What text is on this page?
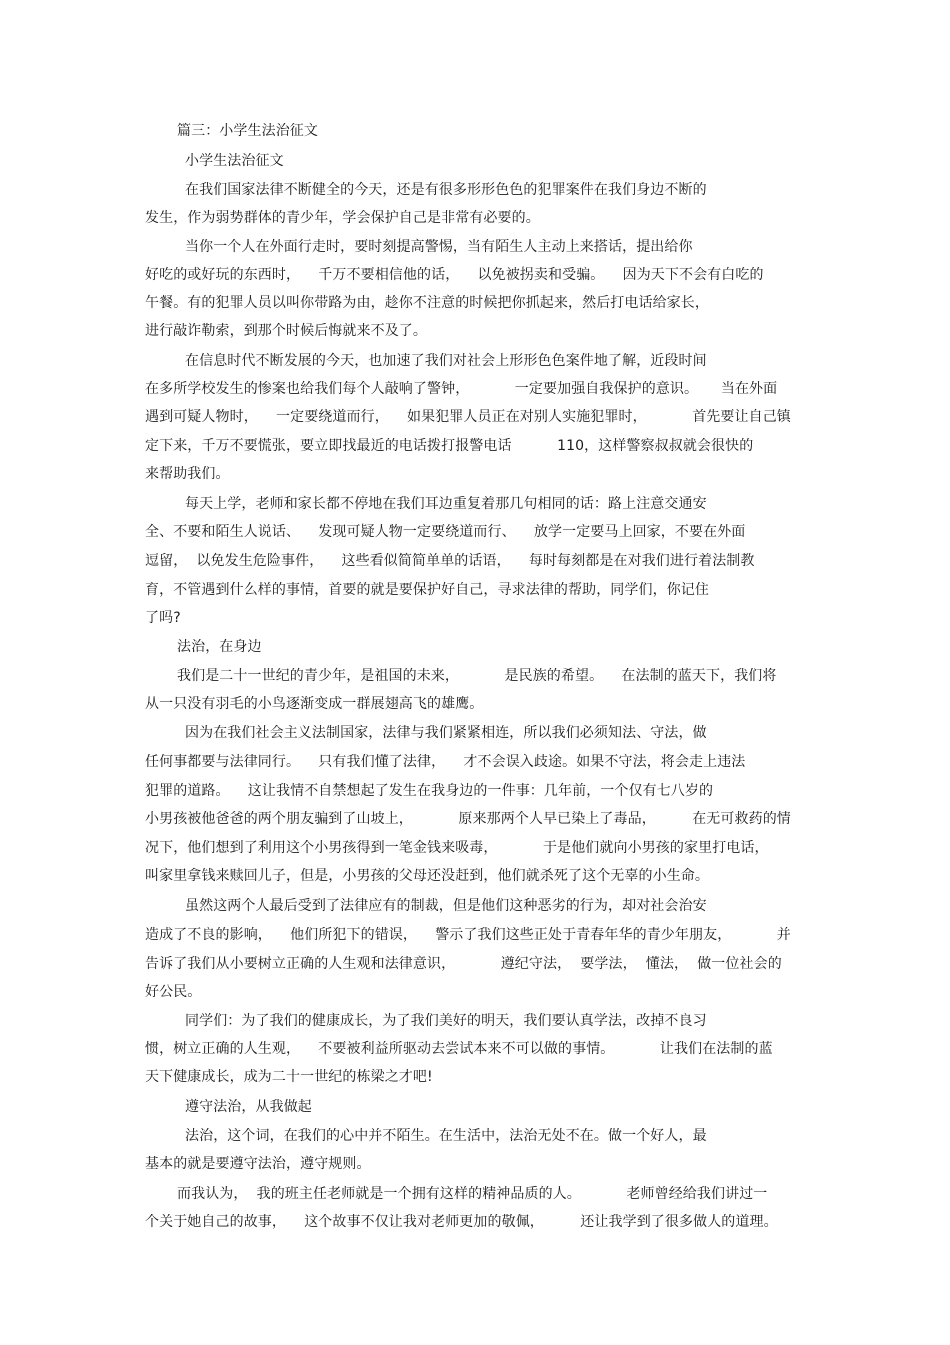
篇三：小学生法治征文
小学生法治征文
在我们国家法律不断健全的今天，还是有很多形形色色的犯罪案件在我们身边不断的
发生，作为弱势群体的青少年，学会保护自己是非常有必要的。
当你一个人在外面行走时，要时刻提高警惕，当有陌生人主动上来搭话，提出给你
好吃的或好玩的东西时，    千万不要相信他的话，    以免被拐卖和受骗。    因为天下不会有白吃的
午餐。有的犯罪人员以叫你带路为由，趁你不注意的时候把你抓起来，然后打电话给家长，
进行敲诈勒索，到那个时候后悔就来不及了。
在信息时代不断发展的今天，也加速了我们对社会上形形色色案件地了解，近段时间
在多所学校发生的惨案也给我们每个人敲响了警钟，          一定要加强自我保护的意识。     当在外面
遇到可疑人物时，    一定要绕道而行，    如果犯罪人员正在对别人实施犯罪时，          首先要让自己镇
定下来，千万不要慌张，要立即找最近的电话拨打报警电话          110，这样警察叔叔就会很快的
来帮助我们。
每天上学，老师和家长都不停地在我们耳边重复着那几句相同的话：路上注意交通安
全、不要和陌生人说话、    发现可疑人物一定要绕道而行、    放学一定要马上回家，不要在外面
逗留，  以免发生危险事件，    这些看似简简单单的话语，    每时每刻都是在对我们进行着法制教
育，不管遇到什么样的事情，首要的就是要保护好自己，寻求法律的帮助，同学们，你记住
了吗?
法治，在身边
我们是二十一世纪的青少年，是祖国的未来，          是民族的希望。    在法制的蓝天下，我们将
从一只没有羽毛的小鸟逐渐变成一群展翅高飞的雄鹰。
因为在我们社会主义法制国家，法律与我们紧紧相连，所以我们必须知法、守法，做
任何事都要与法律同行。    只有我们懂了法律，    才不会误入歧途。如果不守法，将会走上违法
犯罪的道路。    这让我情不自禁想起了发生在我身边的一件事：几年前，一个仅有七八岁的
小男孩被他爸爸的两个朋友骗到了山坡上，          原来那两个人早已染上了毒品，        在无可救药的情
况下，他们想到了利用这个小男孩得到一笔金钱来吸毒，          于是他们就向小男孩的家里打电话，
叫家里拿钱来赎回儿子，但是，小男孩的父母还没赶到，他们就杀死了这个无辜的小生命。
虽然这两个人最后受到了法律应有的制裁，但是他们这种恶劣的行为，却对社会治安
造成了不良的影响，    他们所犯下的错误，    警示了我们这些正处于青春年华的青少年朋友，          并
告诉了我们从小要树立正确的人生观和法律意识，          遵纪守法，  要学法，  懂法，  做一位社会的
好公民。
同学们：为了我们的健康成长，为了我们美好的明天，我们要认真学法，改掉不良习
惯，树立正确的人生观，    不要被利益所驱动去尝试本来不可以做的事情。          让我们在法制的蓝
天下健康成长，成为二十一世纪的栋梁之才吧!
遵守法治，从我做起
法治，这个词，在我们的心中并不陌生。在生活中，法治无处不在。做一个好人，最
基本的就是要遵守法治，遵守规则。
而我认为，  我的班主任老师就是一个拥有这样的精神品质的人。          老师曾经给我们讲过一
个关于她自己的故事，    这个故事不仅让我对老师更加的敬佩，        还让我学到了很多做人的道理。
